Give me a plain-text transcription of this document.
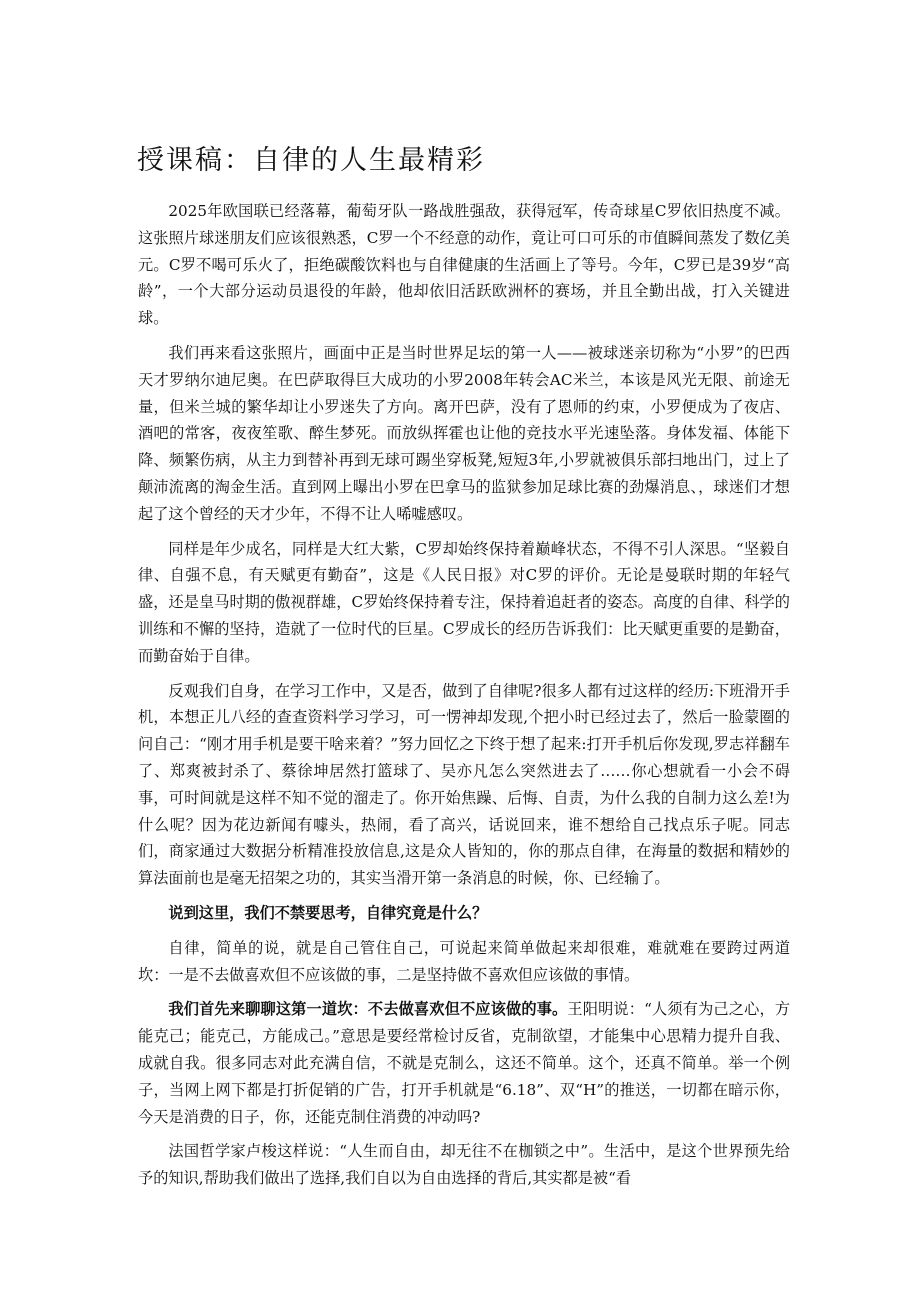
授课稿：自律的人生最精彩

2025年欧国联已经落幕，葡萄牙队一路战胜强敌，获得冠军，传奇球星C罗依旧热度不减。这张照片球迷朋友们应该很熟悉，C罗一个不经意的动作，竟让可口可乐的市值瞬间蒸发了数亿美元。C罗不喝可乐火了，拒绝碳酸饮料也与自律健康的生活画上了等号。今年，C罗已是39岁“高龄”，一个大部分运动员退役的年龄，他却依旧活跃欧洲杯的赛场，并且全勤出战，打入关键进球。

我们再来看这张照片，画面中正是当时世界足坛的第一人——被球迷亲切称为“小罗”的巴西天才罗纳尔迪尼奥。在巴萨取得巨大成功的小罗2008年转会AC米兰，本该是风光无限、前途无量，但米兰城的繁华却让小罗迷失了方向。离开巴萨，没有了恩师的约束，小罗便成为了夜店、酒吧的常客，夜夜笙歌、醉生梦死。而放纵挥霍也让他的竞技水平光速坠落。身体发福、体能下降、频繁伤病，从主力到替补再到无球可踢坐穿板凳,短短3年,小罗就被俱乐部扫地出门，过上了颠沛流离的淘金生活。直到网上曝出小罗在巴拿马的监狱参加足球比赛的劲爆消息、，球迷们才想起了这个曾经的天才少年，不得不让人唏嘘感叹。

同样是年少成名，同样是大红大紫，C罗却始终保持着巅峰状态，不得不引人深思。“坚毅自律、自强不息，有天赋更有勤奋”，这是《人民日报》对C罗的评价。无论是曼联时期的年轻气盛，还是皇马时期的傲视群雄，C罗始终保持着专注，保持着追赶者的姿态。高度的自律、科学的训练和不懈的坚持，造就了一位时代的巨星。C罗成长的经历告诉我们：比天赋更重要的是勤奋，而勤奋始于自律。

反观我们自身，在学习工作中，又是否，做到了自律呢?很多人都有过这样的经历:下班滑开手机，本想正儿八经的查查资料学习学习，可一愣神却发现,个把小时已经过去了，然后一脸蒙圈的问自己：“刚才用手机是要干啥来着？”努力回忆之下终于想了起来:打开手机后你发现,罗志祥翻车了、郑爽被封杀了、蔡徐坤居然打篮球了、吴亦凡怎么突然进去了……你心想就看一小会不碍事，可时间就是这样不知不觉的溜走了。你开始焦躁、后悔、自责，为什么我的自制力这么差!为什么呢？因为花边新闻有噱头，热闹，看了高兴，话说回来，谁不想给自己找点乐子呢。同志们，商家通过大数据分析精准投放信息,这是众人皆知的，你的那点自律，在海量的数据和精妙的算法面前也是毫无招架之功的，其实当滑开第一条消息的时候，你、已经输了。

说到这里，我们不禁要思考，自律究竟是什么？

自律，简单的说，就是自己管住自己，可说起来简单做起来却很难，难就难在要跨过两道坎：一是不去做喜欢但不应该做的事，二是坚持做不喜欢但应该做的事情。

我们首先来聊聊这第一道坎：不去做喜欢但不应该做的事。王阳明说：“人须有为己之心，方能克己；能克己，方能成己。”意思是要经常检讨反省，克制欲望，才能集中心思精力提升自我、成就自我。很多同志对此充满自信，不就是克制么，这还不简单。这个，还真不简单。举一个例子，当网上网下都是打折促销的广告，打开手机就是“6.18”、双“H”的推送，一切都在暗示你，今天是消费的日子，你，还能克制住消费的冲动吗?

法国哲学家卢梭这样说：“人生而自由，却无往不在枷锁之中”。生活中，是这个世界预先给予的知识,帮助我们做出了选择,我们自以为自由选择的背后,其实都是被“看
